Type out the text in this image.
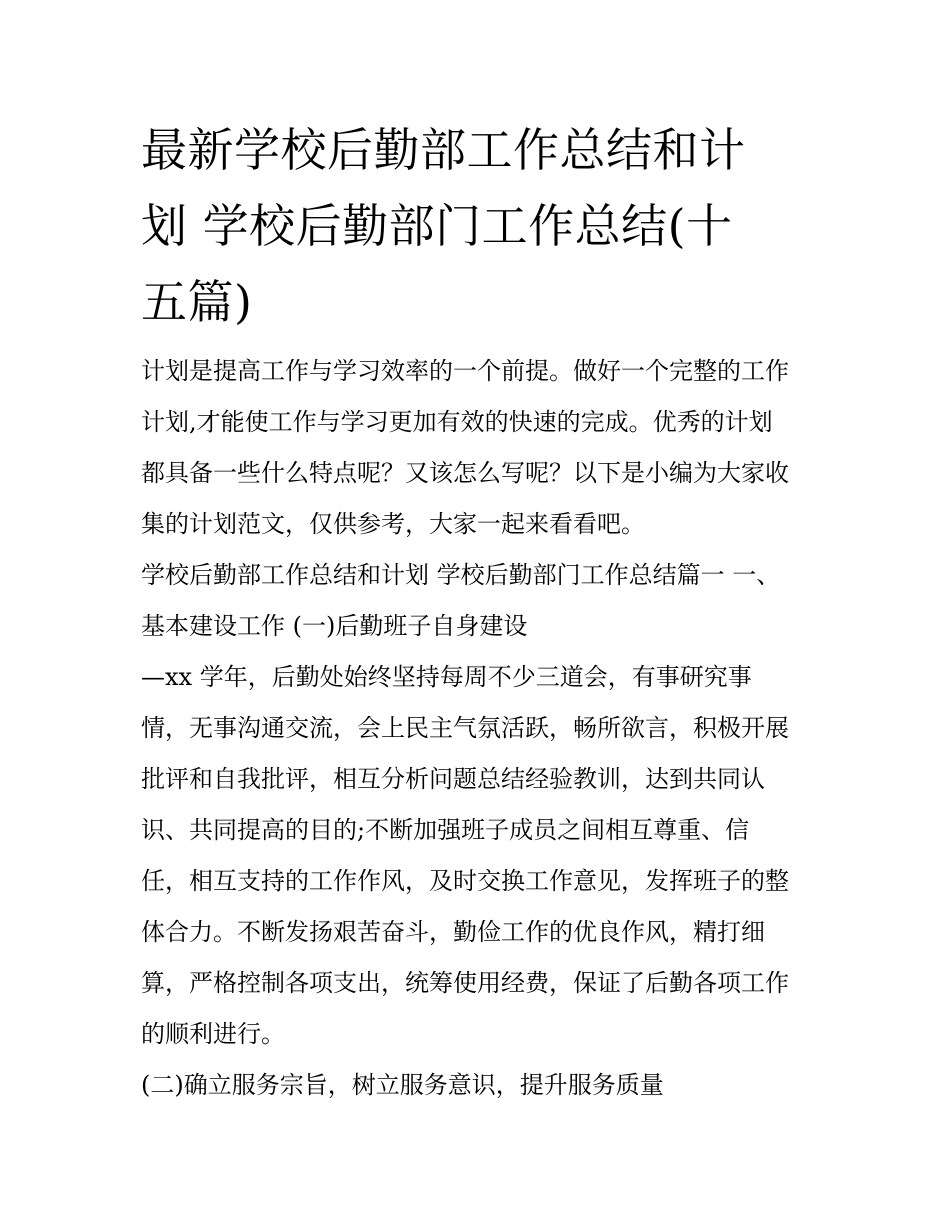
最新学校后勤部工作总结和计
划 学校后勤部门工作总结(十
五篇)

计划是提高工作与学习效率的一个前提。做好一个完整的工作
计划,才能使工作与学习更加有效的快速的完成。优秀的计划
都具备一些什么特点呢？又该怎么写呢？以下是小编为大家收
集的计划范文，仅供参考，大家一起来看看吧。

学校后勤部工作总结和计划 学校后勤部门工作总结篇一 一、
基本建设工作 (一)后勤班子自身建设

—xx 学年，后勤处始终坚持每周不少三道会，有事研究事
情，无事沟通交流，会上民主气氛活跃，畅所欲言，积极开展
批评和自我批评，相互分析问题总结经验教训，达到共同认
识、共同提高的目的;不断加强班子成员之间相互尊重、信
任，相互支持的工作作风，及时交换工作意见，发挥班子的整
体合力。不断发扬艰苦奋斗，勤俭工作的优良作风，精打细
算，严格控制各项支出，统筹使用经费，保证了后勤各项工作
的顺利进行。

(二)确立服务宗旨，树立服务意识，提升服务质量
